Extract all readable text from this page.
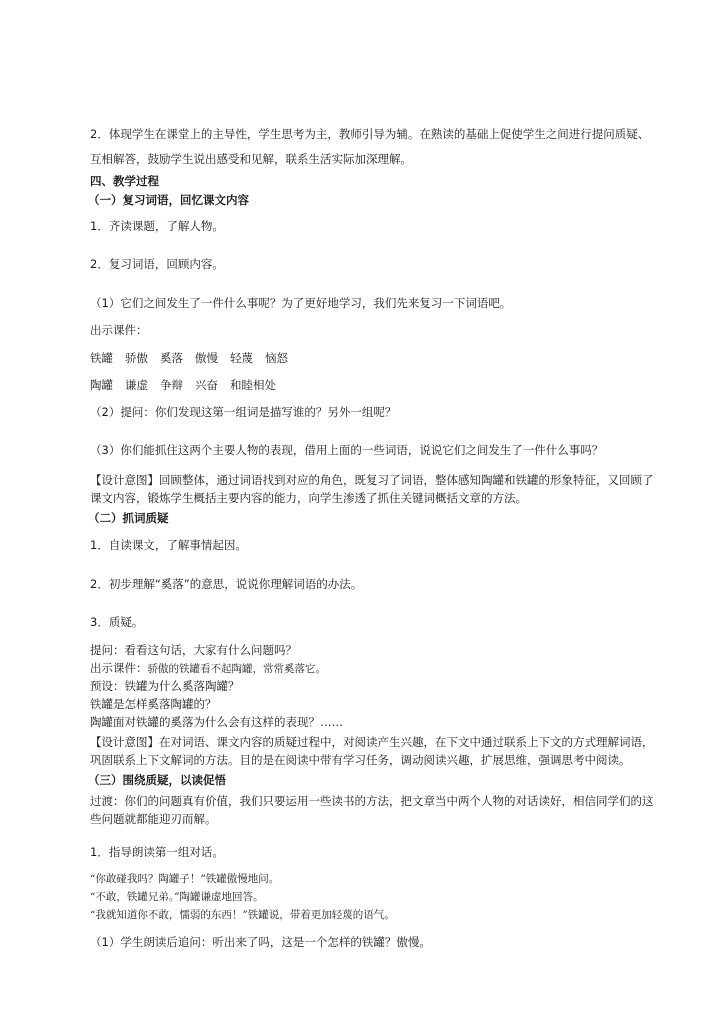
2．体现学生在课堂上的主导性，学生思考为主，教师引导为辅。在熟读的基础上促使学生之间进行提问质疑、
互相解答，鼓励学生说出感受和见解，联系生活实际加深理解。
四、教学过程
（一）复习词语，回忆课文内容
1．齐读课题，了解人物。
2．复习词语，回顾内容。
（1）它们之间发生了一件什么事呢？为了更好地学习，我们先来复习一下词语吧。
出示课件：
铁罐 骄傲 奚落 傲慢 轻蔑 恼怒
陶罐 谦虚 争辩 兴奋 和睦相处
（2）提问：你们发现这第一组词是描写谁的？另外一组呢？
（3）你们能抓住这两个主要人物的表现，借用上面的一些词语，说说它们之间发生了一件什么事吗？
【设计意图】回顾整体，通过词语找到对应的角色，既复习了词语，整体感知陶罐和铁罐的形象特征，又回顾了
课文内容，锻炼学生概括主要内容的能力，向学生渗透了抓住关键词概括文章的方法。
（二）抓词质疑
1．自读课文，了解事情起因。
2．初步理解“奚落”的意思，说说你理解词语的办法。
3．质疑。
提问：看看这句话，大家有什么问题吗？
出示课件：骄傲的铁罐看不起陶罐，常常奚落它。
预设：铁罐为什么奚落陶罐？
铁罐是怎样奚落陶罐的？
陶罐面对铁罐的奚落为什么会有这样的表现？……
【设计意图】在对词语、课文内容的质疑过程中，对阅读产生兴趣，在下文中通过联系上下文的方式理解词语，
巩固联系上下文解词的方法。目的是在阅读中带有学习任务，调动阅读兴趣，扩展思维，强调思考中阅读。
（三）围绕质疑，以读促悟
过渡：你们的问题真有价值，我们只要运用一些读书的方法，把文章当中两个人物的对话读好，相信同学们的这
些问题就都能迎刃而解。
1．指导朗读第一组对话。
“你敢碰我吗？陶罐子！”铁罐傲慢地问。
“不敢，铁罐兄弟。”陶罐谦虚地回答。
“我就知道你不敢，懦弱的东西！”铁罐说，带着更加轻蔑的语气。
（1）学生朗读后追问：听出来了吗，这是一个怎样的铁罐？傲慢。
